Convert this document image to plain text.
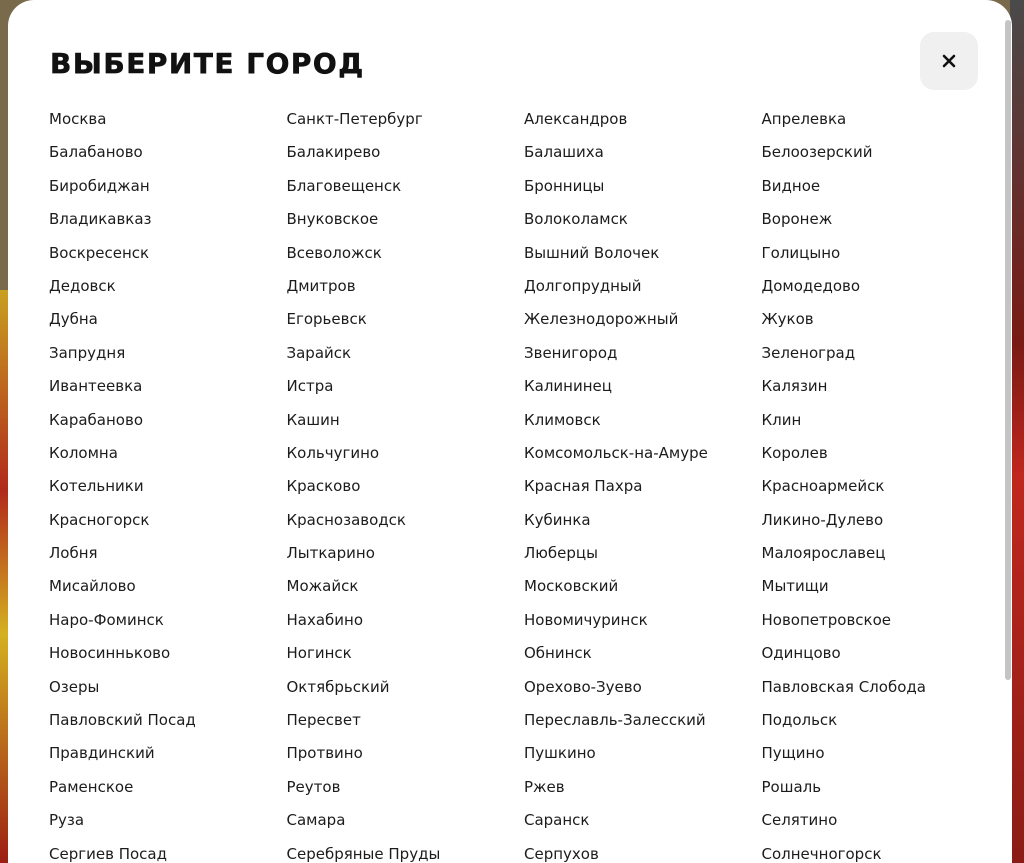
ВЫБЕРИТЕ ГОРОД
Москва	Санкт-Петербург	Александров	Апрелевка
Балабаново	Балакирево	Балашиха	Белоозерский
Биробиджан	Благовещенск	Бронницы	Видное
Владикавказ	Внуковское	Волоколамск	Воронеж
Воскресенск	Всеволожск	Вышний Волочек	Голицыно
Дедовск	Дмитров	Долгопрудный	Домодедово
Дубна	Егорьевск	Железнодорожный	Жуков
Запрудня	Зарайск	Звенигород	Зеленоград
Ивантеевка	Истра	Калининец	Калязин
Карабаново	Кашин	Климовск	Клин
Коломна	Кольчугино	Комсомольск-на-Амуре	Королев
Котельники	Красково	Красная Пахра	Красноармейск
Красногорск	Краснозаводск	Кубинка	Ликино-Дулево
Лобня	Лыткарино	Люберцы	Малоярославец
Мисайлово	Можайск	Московский	Мытищи
Наро-Фоминск	Нахабино	Новомичуринск	Новопетровское
Новосинньково	Ногинск	Обнинск	Одинцово
Озеры	Октябрьский	Орехово-Зуево	Павловская Слобода
Павловский Посад	Пересвет	Переславль-Залесский	Подольск
Правдинский	Протвино	Пушкино	Пущино
Раменское	Реутов	Ржев	Рошаль
Руза	Самара	Саранск	Селятино
Сергиев Посад	Серебряные Пруды	Серпухов	Солнечногорск
